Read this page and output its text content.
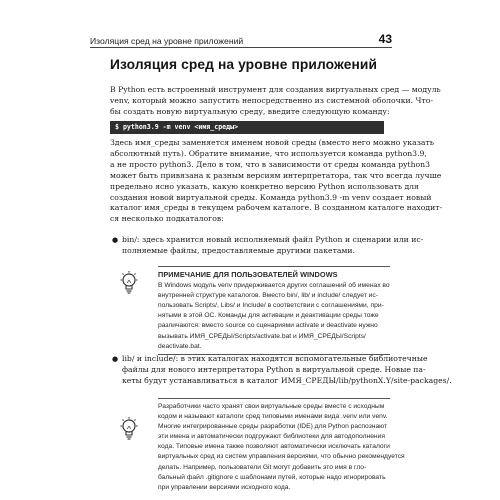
Изоляция сред на уровне приложений	43
Изоляция сред на уровне приложений
В Python есть встроенный инструмент для создания виртуальных сред — модуль
venv, который можно запустить непосредственно из системной оболочки. Что-
бы создать новую виртуальную среду, введите следующую команду:
$ python3.9 -m venv <имя_среды>
Здесь имя_среды заменяется именем новой среды (вместо него можно указать
абсолютный путь). Обратите внимание, что используется команда python3.9,
а не просто python3. Дело в том, что в зависимости от среды команда python3
может быть привязана к разным версиям интерпретатора, так что всегда лучше
предельно ясно указать, какую конкретно версию Python использовать для
создания новой виртуальной среды. Команда python3.9 -m venv создает новый
каталог имя_среды в текущем рабочем каталоге. В созданном каталоге находит-
ся несколько подкаталогов:
● bin/: здесь хранится новый исполняемый файл Python и сценарии или ис-
полняемые файлы, предоставляемые другими пакетами.
ПРИМЕЧАНИЕ ДЛЯ ПОЛЬЗОВАТЕЛЕЙ WINDOWS
В Windows модуль venv придерживается других соглашений об именах во
внутренней структуре каталогов. Вместо bin/, lib/ и include/ следует ис-
пользовать Scripts/, Libs/ и Include/ в соответствии с соглашениями, при-
нятыми в этой ОС. Команды для активации и деактивации среды тоже
различаются: вместо source со сценариями activate и deactivate нужно
вызывать ИМЯ_СРЕДЫ/Scripts/activate.bat и ИМЯ_СРЕДЫ/Scripts/
deactivate.bat.
● lib/ и include/: в этих каталогах находятся вспомогательные библиотечные
файлы для нового интерпретатора Python в виртуальной среде. Новые па-
кеты будут устанавливаться в каталог ИМЯ_СРЕДЫ/lib/pythonX.Y/site-packages/.
Разработчики часто хранят свои виртуальные среды вместе с исходным
кодом и называют каталоги сред типовыми именами вида .venv или venv.
Многие интегрированные среды разработки (IDE) для Python распознают
эти имена и автоматически подгружают библиотеки для автодополнения
кода. Типовые имена также позволяют автоматически исключать каталоги
виртуальных сред из систем управления версиями, что обычно рекомендуется
делать. Например, пользователи Git могут добавить это имя в гло-
бальный файл .gitignore с шаблонами путей, которые надо игнорировать
при управлении версиями исходного кода.
